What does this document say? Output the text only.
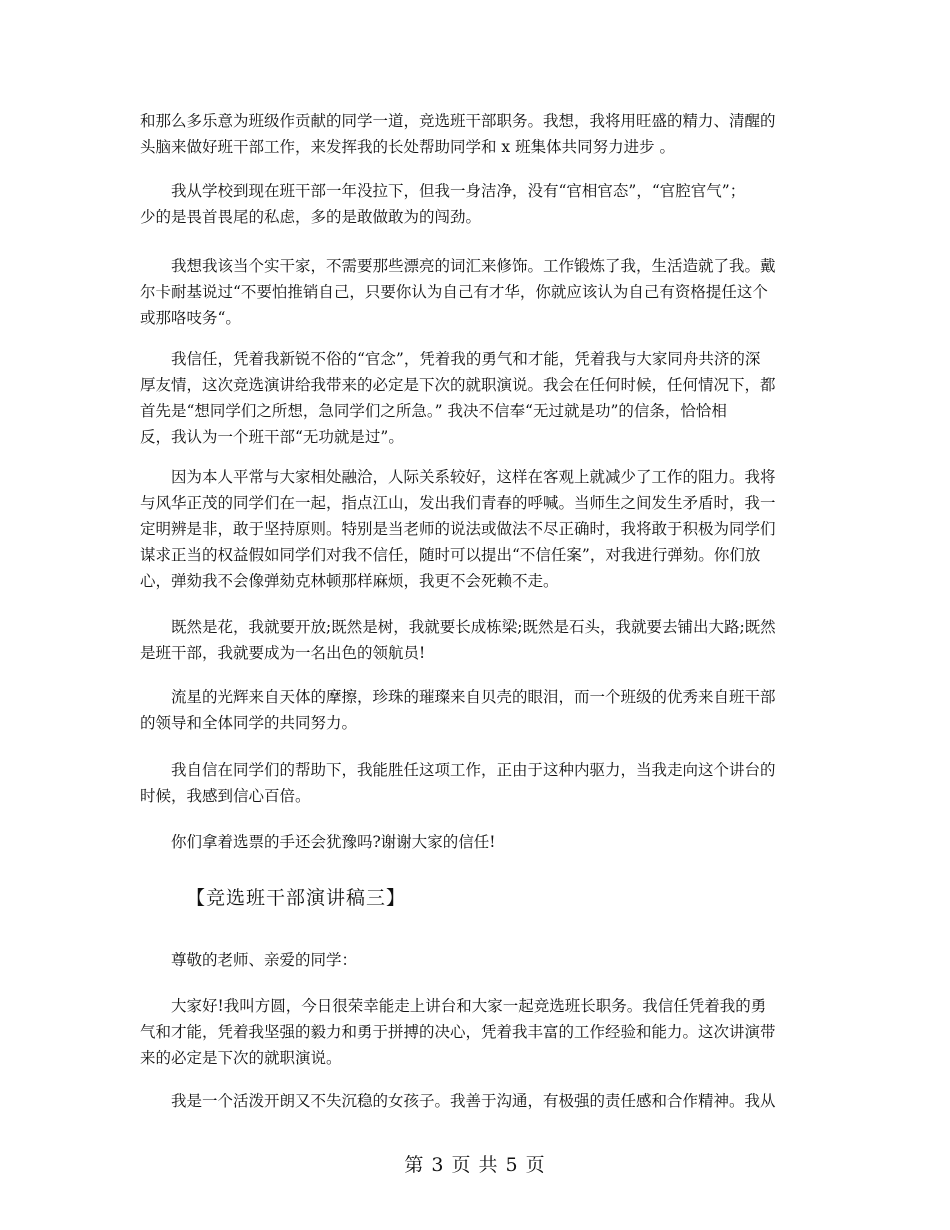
和那么多乐意为班级作贡献的同学一道，竞选班干部职务。我想，我将用旺盛的精力、清醒的
头脑来做好班干部工作，来发挥我的长处帮助同学和 x 班集体共同努力进步 。
　　我从学校到现在班干部一年没拉下，但我一身洁净，没有“官相官态”，“官腔官气”；
少的是畏首畏尾的私虑，多的是敢做敢为的闯劲。
　　我想我该当个实干家，不需要那些漂亮的词汇来修饰。工作锻炼了我，生活造就了我。戴
尔卡耐基说过“不要怕推销自己，只要你认为自己有才华，你就应该认为自己有资格提任这个
或那咯吱务“。
　　我信任，凭着我新锐不俗的“官念”，凭着我的勇气和才能，凭着我与大家同舟共济的深
厚友情，这次竞选演讲给我带来的必定是下次的就职演说。我会在任何时候，任何情况下，都
首先是“想同学们之所想，急同学们之所急。” 我决不信奉“无过就是功”的信条，恰恰相
反，我认为一个班干部“无功就是过”。
　　因为本人平常与大家相处融洽，人际关系较好，这样在客观上就减少了工作的阻力。我将
与风华正茂的同学们在一起，指点江山，发出我们青春的呼喊。当师生之间发生矛盾时，我一
定明辨是非，敢于坚持原则。特别是当老师的说法或做法不尽正确时，我将敢于积极为同学们
谋求正当的权益假如同学们对我不信任，随时可以提出“不信任案”，对我进行弹劾。你们放
心，弹劾我不会像弹劾克林顿那样麻烦，我更不会死赖不走。
　　既然是花，我就要开放;既然是树，我就要长成栋梁;既然是石头，我就要去铺出大路;既然
是班干部，我就要成为一名出色的领航员!
　　流星的光辉来自天体的摩擦，珍珠的璀璨来自贝壳的眼泪，而一个班级的优秀来自班干部
的领导和全体同学的共同努力。
　　我自信在同学们的帮助下，我能胜任这项工作，正由于这种内驱力，当我走向这个讲台的
时候，我感到信心百倍。
　　你们拿着选票的手还会犹豫吗?谢谢大家的信任!
　　尊敬的老师、亲爱的同学：
　　大家好!我叫方圆，今日很荣幸能走上讲台和大家一起竞选班长职务。我信任凭着我的勇
气和才能，凭着我坚强的毅力和勇于拼搏的决心，凭着我丰富的工作经验和能力。这次讲演带
来的必定是下次的就职演说。
　　我是一个活泼开朗又不失沉稳的女孩子。我善于沟通，有极强的责任感和合作精神。我从
【竞选班干部演讲稿三】
第 3 页 共 5 页
